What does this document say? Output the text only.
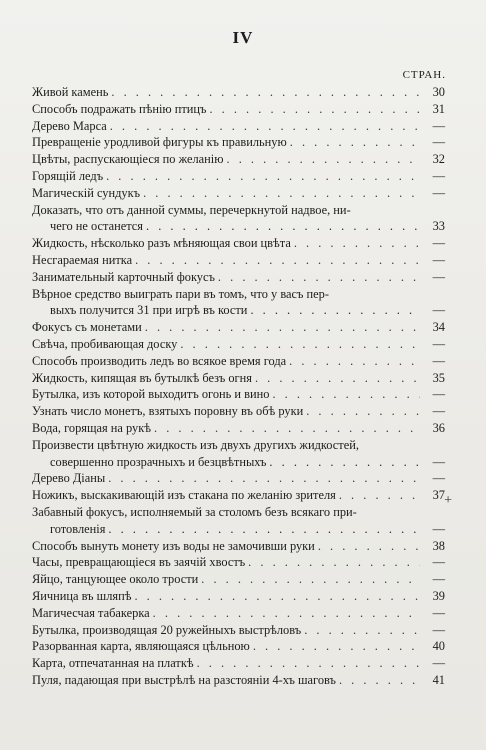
IV
СТРАН.
Живой камень . . .	30
Способъ подражать пѣнію птицъ . . .	31
Дерево Марса . . .	—
Превращеніе уродливой фигуры къ правильную . . .	—
Цвѣты, распускающіеся по желанію . . .	32
Горящій ледъ . . .	—
Магическій сундукъ . . .	—
Доказать, что отъ данной суммы, перечеркнутой надвое, ни-
чего не останется . . .	33
Жидкость, нѣсколько разъ мѣняющая свои цвѣта . . .	—
Несгараемая нитка . . .	—
Занимательный карточный фокусъ . . .	—
Вѣрное средство выиграть пари въ томъ, что у васъ пер-
выхъ получится 31 при игрѣ въ кости . . .	—
Фокусъ съ монетами . . .	34
Свѣча, пробивающая доску . . .	—
Способъ производить ледъ во всякое время года . . .	—
Жидкость, кипящая въ бутылкѣ безъ огня . . .	35
Бутылка, изъ которой выходитъ огонь и вино . . .	—
Узнать число монетъ, взятыхъ поровну въ обѣ руки . . .	—
Вода, горящая на рукѣ . . .	36
Произвести цвѣтную жидкость изъ двухъ другихъ жидкостей,
совершенно прозрачныхъ и безцвѣтныхъ . . .	—
Дерево Діаны . . .	—
Ножикъ, выскакивающій изъ стакана по желанію зрителя . . .	37
Забавный фокусъ, исполняемый за столомъ безъ всякаго при-
готовленія . . .	—
Способъ вынуть монету изъ воды не замочивши руки . . .	38
Часы, превращающіеся въ заячій хвостъ . . .	—
Яйцо, танцующее около трости . . .	—
Яичница въ шляпѣ . . .	39
Магичесчая табакерка . . .	—
Бутылка, производящая 20 ружейныхъ выстрѣловъ . . .	—
Разорванная карта, являющаяся цѣльною . . .	40
Карта, отпечатанная на платкѣ . . .	—
Пуля, падающая при выстрѣлѣ на разстояніи 4-хъ шаговъ . . .	41
+
